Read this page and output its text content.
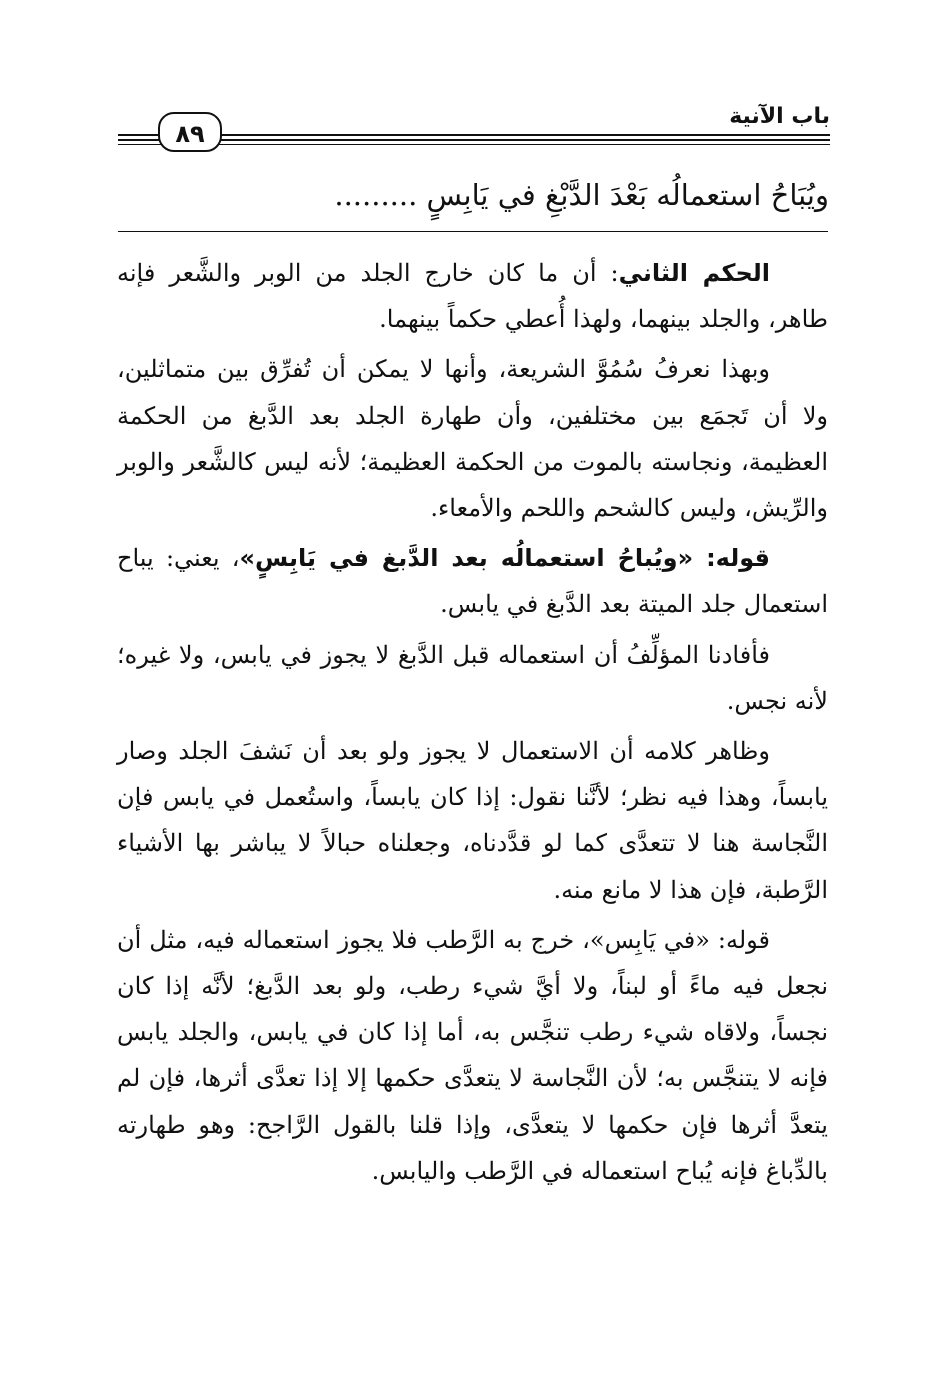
باب الآنية
٨٩
ويُبَاحُ استعمالُه بَعْدَ الدَّبْغِ في يَابِسٍ .........

الحكم الثاني: أن ما كان خارج الجلد من الوبر والشَّعر فإنه طاهر، والجلد بينهما، ولهذا أُعطي حكماً بينهما.

وبهذا نعرفُ سُمُوَّ الشريعة، وأنها لا يمكن أن تُفرِّق بين متماثلين، ولا أن تَجمَع بين مختلفين، وأن طهارة الجلد بعد الدَّبغ من الحكمة العظيمة، ونجاسته بالموت من الحكمة العظيمة؛ لأنه ليس كالشَّعر والوبر والرِّيش، وليس كالشحم واللحم والأمعاء.

قوله: «ويُباحُ استعمالُه بعد الدَّبغ في يَابِسٍ»، يعني: يباح استعمال جلد الميتة بعد الدَّبغ في يابس.

فأفادنا المؤلِّفُ أن استعماله قبل الدَّبغ لا يجوز في يابس، ولا غيره؛ لأنه نجس.

وظاهر كلامه أن الاستعمال لا يجوز ولو بعد أن نَشفَ الجلد وصار يابساً، وهذا فيه نظر؛ لأنَّنا نقول: إذا كان يابساً، واستُعمل في يابس فإن النَّجاسة هنا لا تتعدَّى كما لو قدَّدناه، وجعلناه حبالاً لا يباشر بها الأشياء الرَّطبة، فإن هذا لا مانع منه.

قوله: «في يَابِس»، خرج به الرَّطب فلا يجوز استعماله فيه، مثل أن نجعل فيه ماءً أو لبناً، ولا أيَّ شيء رطب، ولو بعد الدَّبغ؛ لأنَّه إذا كان نجساً، ولاقاه شيء رطب تنجَّس به، أما إذا كان في يابس، والجلد يابس فإنه لا يتنجَّس به؛ لأن النَّجاسة لا يتعدَّى حكمها إلا إذا تعدَّى أثرها، فإن لم يتعدَّ أثرها فإن حكمها لا يتعدَّى، وإذا قلنا بالقول الرَّاجح: وهو طهارته بالدِّباغ فإنه يُباح استعماله في الرَّطب واليابس.
